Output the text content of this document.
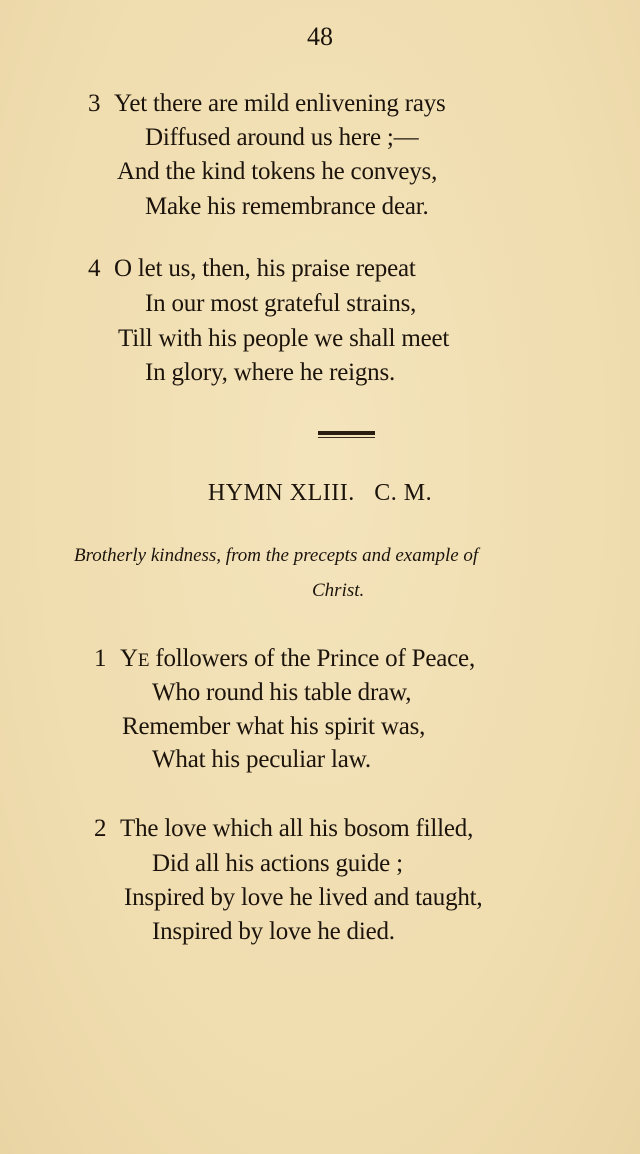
48
3 Yet there are mild enlivening rays
Diffused around us here ;—
And the kind tokens he conveys,
Make his remembrance dear.
4 O let us, then, his praise repeat
In our most grateful strains,
Till with his people we shall meet
In glory, where he reigns.
HYMN XLIII.   C. M.
Brotherly kindness, from the precepts and example of
Christ.
1 YE followers of the Prince of Peace,
Who round his table draw,
Remember what his spirit was,
What his peculiar law.
2 The love which all his bosom filled,
Did all his actions guide ;
Inspired by love he lived and taught,
Inspired by love he died.
